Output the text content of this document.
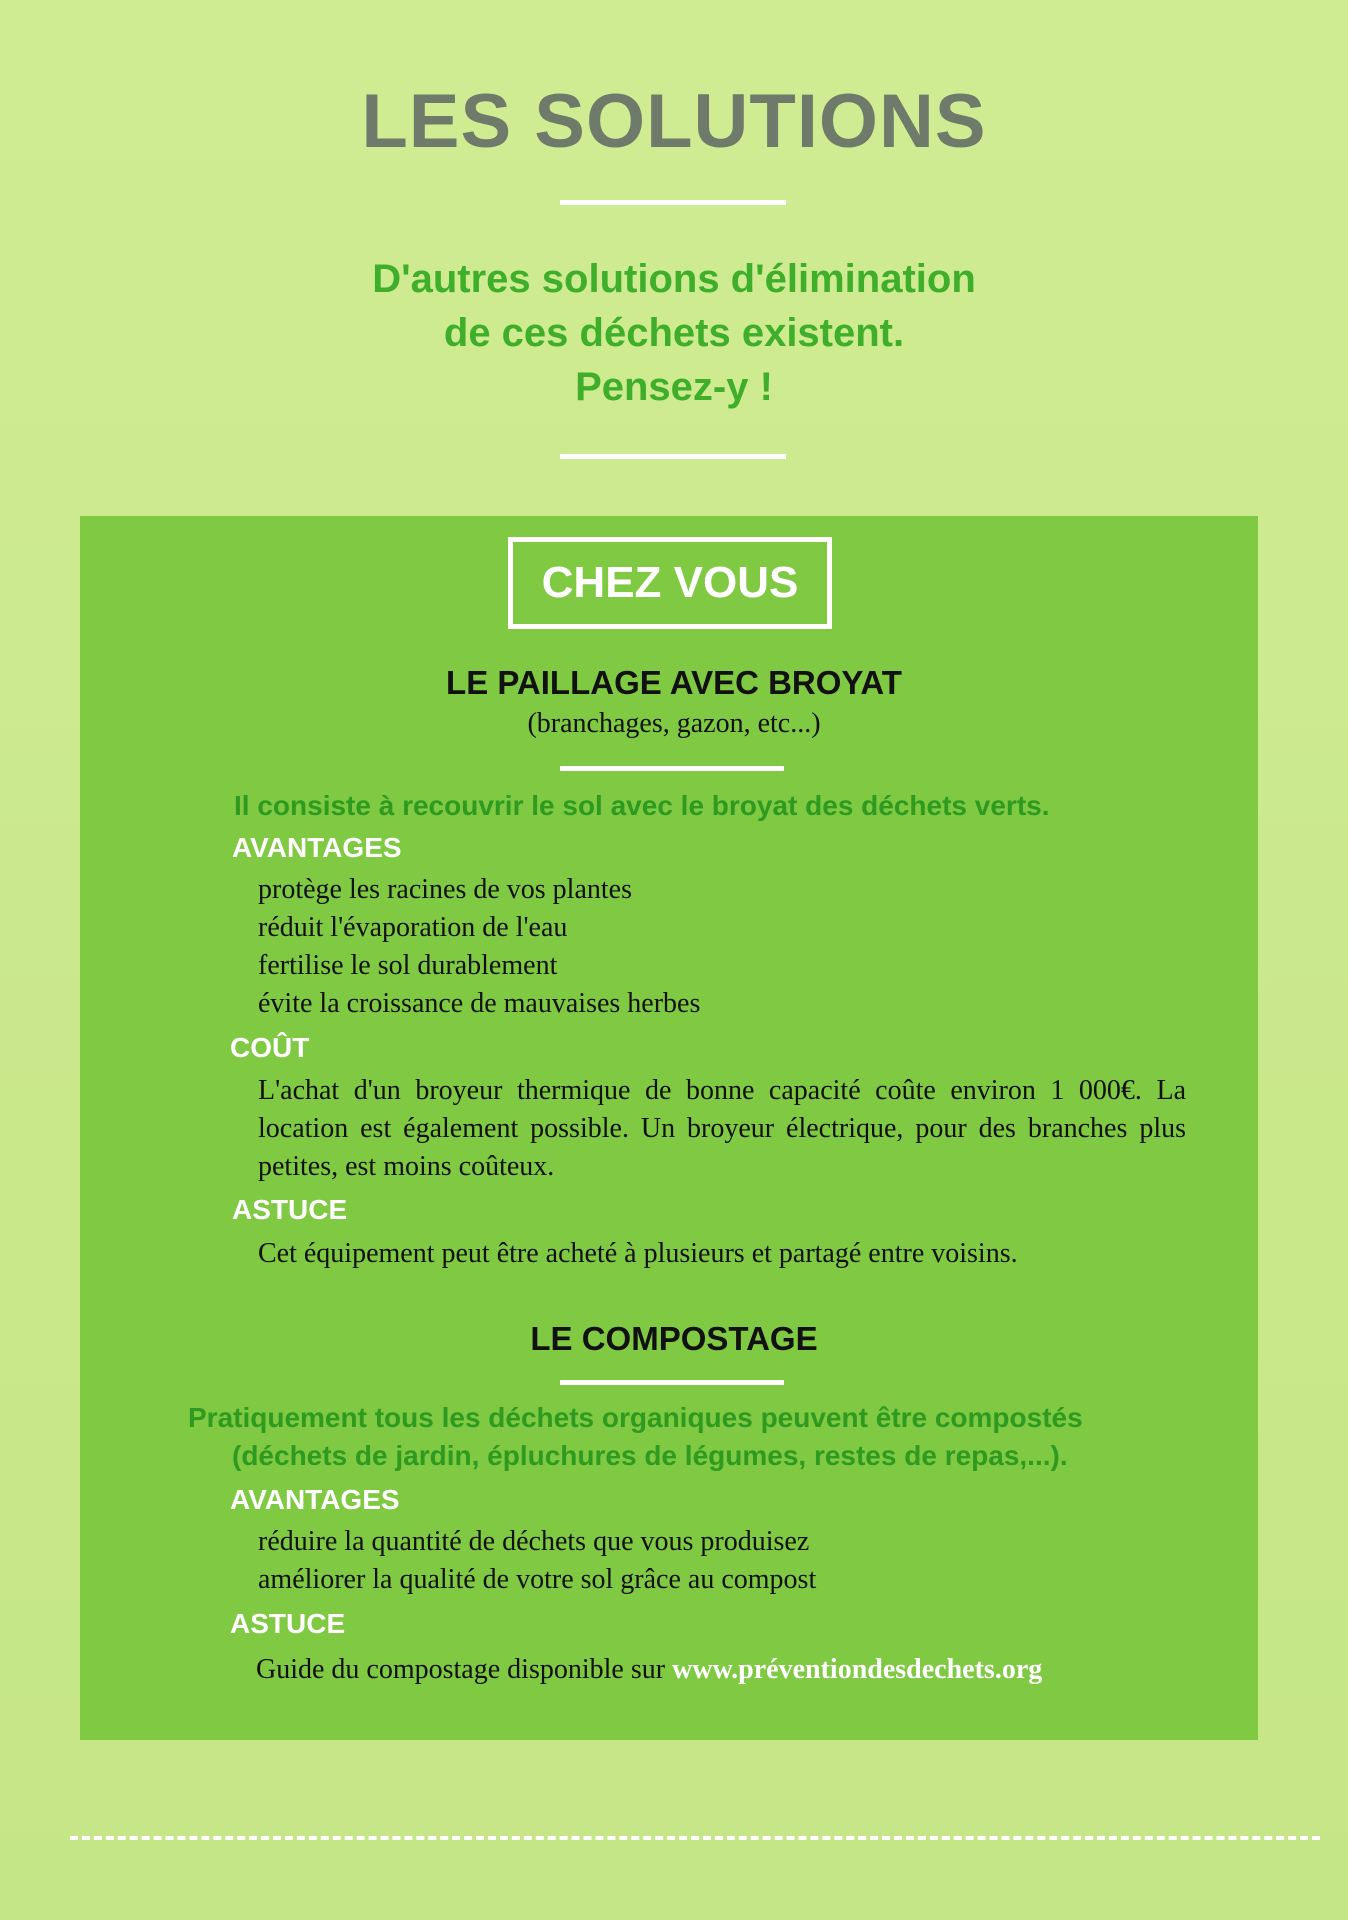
LES SOLUTIONS
D'autres solutions d'élimination
de ces déchets existent.
Pensez-y !
CHEZ VOUS
LE PAILLAGE AVEC BROYAT
(branchages, gazon, etc...)
Il consiste à recouvrir le sol avec le broyat des déchets verts.
AVANTAGES
protège les racines de vos plantes
réduit l'évaporation de l'eau
fertilise le sol durablement
évite la croissance de mauvaises herbes
COÛT
L'achat d'un broyeur thermique de bonne capacité coûte environ 1 000€. La location est également possible. Un broyeur électrique, pour des branches plus petites, est moins coûteux.
ASTUCE
Cet équipement peut être acheté à plusieurs et partagé entre voisins.
LE COMPOSTAGE
Pratiquement tous les déchets organiques peuvent être compostés
(déchets de jardin, épluchures de légumes, restes de repas,...).
AVANTAGES
réduire la quantité de déchets que vous produisez
améliorer la qualité de votre sol grâce au compost
ASTUCE
Guide du compostage disponible sur www.préventiondesdechets.org
